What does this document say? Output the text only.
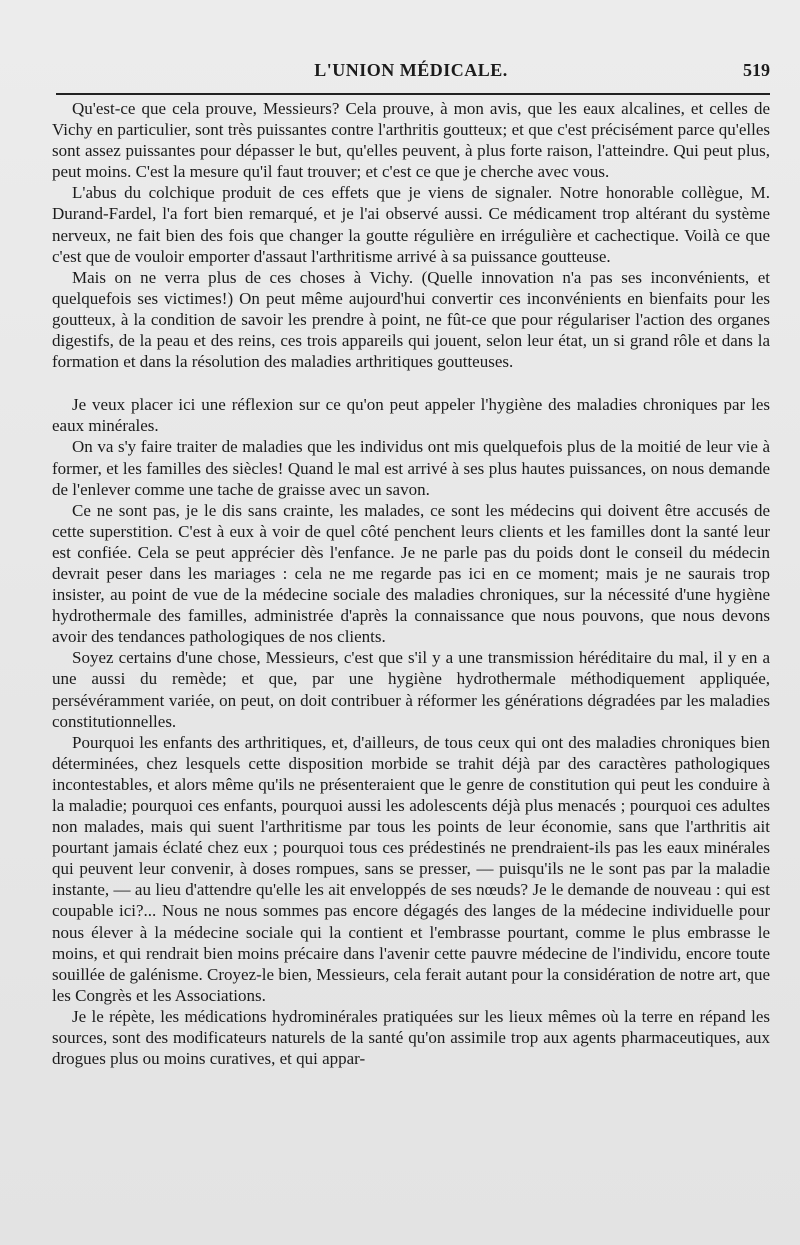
L'UNION MÉDICALE.	519

Qu'est-ce que cela prouve, Messieurs? Cela prouve, à mon avis, que les eaux alcalines, et celles de Vichy en particulier, sont très puissantes contre l'arthritis goutteux; et que c'est précisément parce qu'elles sont assez puissantes pour dépasser le but, qu'elles peuvent, à plus forte raison, l'atteindre. Qui peut plus, peut moins. C'est la mesure qu'il faut trouver; et c'est ce que je cherche avec vous.

L'abus du colchique produit de ces effets que je viens de signaler. Notre honorable collègue, M. Durand-Fardel, l'a fort bien remarqué, et je l'ai observé aussi. Ce médicament trop altérant du système nerveux, ne fait bien des fois que changer la goutte régulière en irrégulière et cachectique. Voilà ce que c'est que de vouloir emporter d'assaut l'arthritisme arrivé à sa puissance goutteuse.

Mais on ne verra plus de ces choses à Vichy. (Quelle innovation n'a pas ses inconvénients, et quelquefois ses victimes!) On peut même aujourd'hui convertir ces inconvénients en bienfaits pour les goutteux, à la condition de savoir les prendre à point, ne fût-ce que pour régulariser l'action des organes digestifs, de la peau et des reins, ces trois appareils qui jouent, selon leur état, un si grand rôle et dans la formation et dans la résolution des maladies arthritiques goutteuses.

Je veux placer ici une réflexion sur ce qu'on peut appeler l'hygiène des maladies chroniques par les eaux minérales.

On va s'y faire traiter de maladies que les individus ont mis quelquefois plus de la moitié de leur vie à former, et les familles des siècles! Quand le mal est arrivé à ses plus hautes puissances, on nous demande de l'enlever comme une tache de graisse avec un savon.

Ce ne sont pas, je le dis sans crainte, les malades, ce sont les médecins qui doivent être accusés de cette superstition. C'est à eux à voir de quel côté penchent leurs clients et les familles dont la santé leur est confiée. Cela se peut apprécier dès l'enfance. Je ne parle pas du poids dont le conseil du médecin devrait peser dans les mariages : cela ne me regarde pas ici en ce moment; mais je ne saurais trop insister, au point de vue de la médecine sociale des maladies chroniques, sur la nécessité d'une hygiène hydrothermale des familles, administrée d'après la connaissance que nous pouvons, que nous devons avoir des tendances pathologiques de nos clients.

Soyez certains d'une chose, Messieurs, c'est que s'il y a une transmission héréditaire du mal, il y en a une aussi du remède; et que, par une hygiène hydrothermale méthodiquement appliquée, persévéramment variée, on peut, on doit contribuer à réformer les générations dégradées par les maladies constitutionnelles.

Pourquoi les enfants des arthritiques, et, d'ailleurs, de tous ceux qui ont des maladies chroniques bien déterminées, chez lesquels cette disposition morbide se trahit déjà par des caractères pathologiques incontestables, et alors même qu'ils ne présenteraient que le genre de constitution qui peut les conduire à la maladie; pourquoi ces enfants, pourquoi aussi les adolescents déjà plus menacés ; pourquoi ces adultes non malades, mais qui suent l'arthritisme par tous les points de leur économie, sans que l'arthritis ait pourtant jamais éclaté chez eux ; pourquoi tous ces prédestinés ne prendraient-ils pas les eaux minérales qui peuvent leur convenir, à doses rompues, sans se presser, — puisqu'ils ne le sont pas par la maladie instante, — au lieu d'attendre qu'elle les ait enveloppés de ses nœuds? Je le demande de nouveau : qui est coupable ici?... Nous ne nous sommes pas encore dégagés des langes de la médecine individuelle pour nous élever à la médecine sociale qui la contient et l'embrasse pourtant, comme le plus embrasse le moins, et qui rendrait bien moins précaire dans l'avenir cette pauvre médecine de l'individu, encore toute souillée de galénisme. Croyez-le bien, Messieurs, cela ferait autant pour la considération de notre art, que les Congrès et les Associations.

Je le répète, les médications hydrominérales pratiquées sur les lieux mêmes où la terre en répand les sources, sont des modificateurs naturels de la santé qu'on assimile trop aux agents pharmaceutiques, aux drogues plus ou moins curatives, et qui appar-
